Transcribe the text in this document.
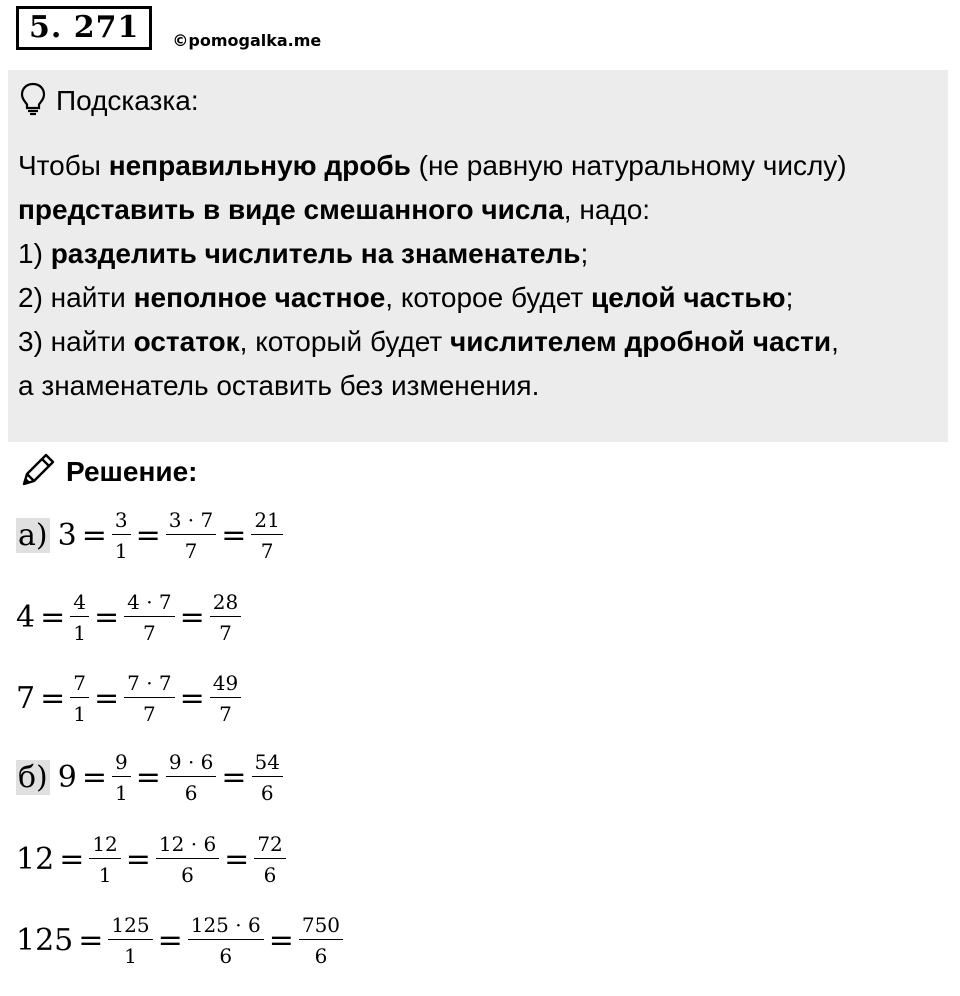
5. 271	©pomogalka.me
Подсказка:
Чтобы неправильную дробь (не равную натуральному числу)
представить в виде смешанного числа, надо:
1) разделить числитель на знаменатель;
2) найти неполное частное, которое будет целой частью;
3) найти остаток, который будет числителем дробной части,
а знаменатель оставить без изменения.
Решение:
а) $3 = \frac{3}{1} = \frac{3 \cdot 7}{7} = \frac{21}{7}$
$4 = \frac{4}{1} = \frac{4 \cdot 7}{7} = \frac{28}{7}$
$7 = \frac{7}{1} = \frac{7 \cdot 7}{7} = \frac{49}{7}$
б) $9 = \frac{9}{1} = \frac{9 \cdot 6}{6} = \frac{54}{6}$
$12 = \frac{12}{1} = \frac{12 \cdot 6}{6} = \frac{72}{6}$
$125 = \frac{125}{1} = \frac{125 \cdot 6}{6} = \frac{750}{6}$
